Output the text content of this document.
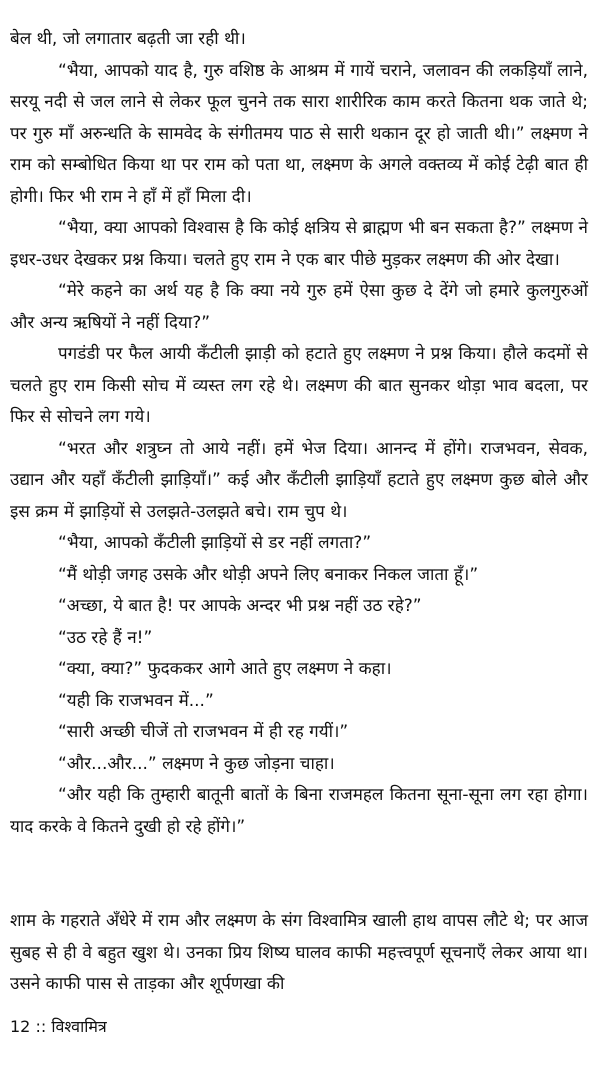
बेल थी, जो लगातार बढ़ती जा रही थी।

“भैया, आपको याद है, गुरु वशिष्ठ के आश्रम में गायें चराने, जलावन की लकड़ियाँ लाने, सरयू नदी से जल लाने से लेकर फूल चुनने तक सारा शारीरिक काम करते कितना थक जाते थे; पर गुरु माँ अरुन्धति के सामवेद के संगीतमय पाठ से सारी थकान दूर हो जाती थी।” लक्ष्मण ने राम को सम्बोधित किया था पर राम को पता था, लक्ष्मण के अगले वक्तव्य में कोई टेढ़ी बात ही होगी। फिर भी राम ने हाँ में हाँ मिला दी।

“भैया, क्या आपको विश्वास है कि कोई क्षत्रिय से ब्राह्मण भी बन सकता है?” लक्ष्मण ने इधर-उधर देखकर प्रश्न किया। चलते हुए राम ने एक बार पीछे मुड़कर लक्ष्मण की ओर देखा।

“मेरे कहने का अर्थ यह है कि क्या नये गुरु हमें ऐसा कुछ दे देंगे जो हमारे कुलगुरुओं और अन्य ऋषियों ने नहीं दिया?”

पगडंडी पर फैल आयी कँटीली झाड़ी को हटाते हुए लक्ष्मण ने प्रश्न किया। हौले कदमों से चलते हुए राम किसी सोच में व्यस्त लग रहे थे। लक्ष्मण की बात सुनकर थोड़ा भाव बदला, पर फिर से सोचने लग गये।

“भरत और शत्रुघ्न तो आये नहीं। हमें भेज दिया। आनन्द में होंगे। राजभवन, सेवक, उद्यान और यहाँ कँटीली झाड़ियाँ।” कई और कँटीली झाड़ियाँ हटाते हुए लक्ष्मण कुछ बोले और इस क्रम में झाड़ियों से उलझते-उलझते बचे। राम चुप थे।

“भैया, आपको कँटीली झाड़ियों से डर नहीं लगता?”

“मैं थोड़ी जगह उसके और थोड़ी अपने लिए बनाकर निकल जाता हूँ।”

“अच्छा, ये बात है! पर आपके अन्दर भी प्रश्न नहीं उठ रहे?”

“उठ रहे हैं न!”

“क्या, क्या?” फुदककर आगे आते हुए लक्ष्मण ने कहा।

“यही कि राजभवन में...”

“सारी अच्छी चीजें तो राजभवन में ही रह गयीं।”

“और...और...” लक्ष्मण ने कुछ जोड़ना चाहा।

“और यही कि तुम्हारी बातूनी बातों के बिना राजमहल कितना सूना-सूना लग रहा होगा। याद करके वे कितने दुखी हो रहे होंगे।”

शाम के गहराते अँधेरे में राम और लक्ष्मण के संग विश्वामित्र खाली हाथ वापस लौटे थे; पर आज सुबह से ही वे बहुत खुश थे। उनका प्रिय शिष्य घालव काफी महत्त्वपूर्ण सूचनाएँ लेकर आया था। उसने काफी पास से ताड़का और शूर्पणखा की

12 :: विश्वामित्र
